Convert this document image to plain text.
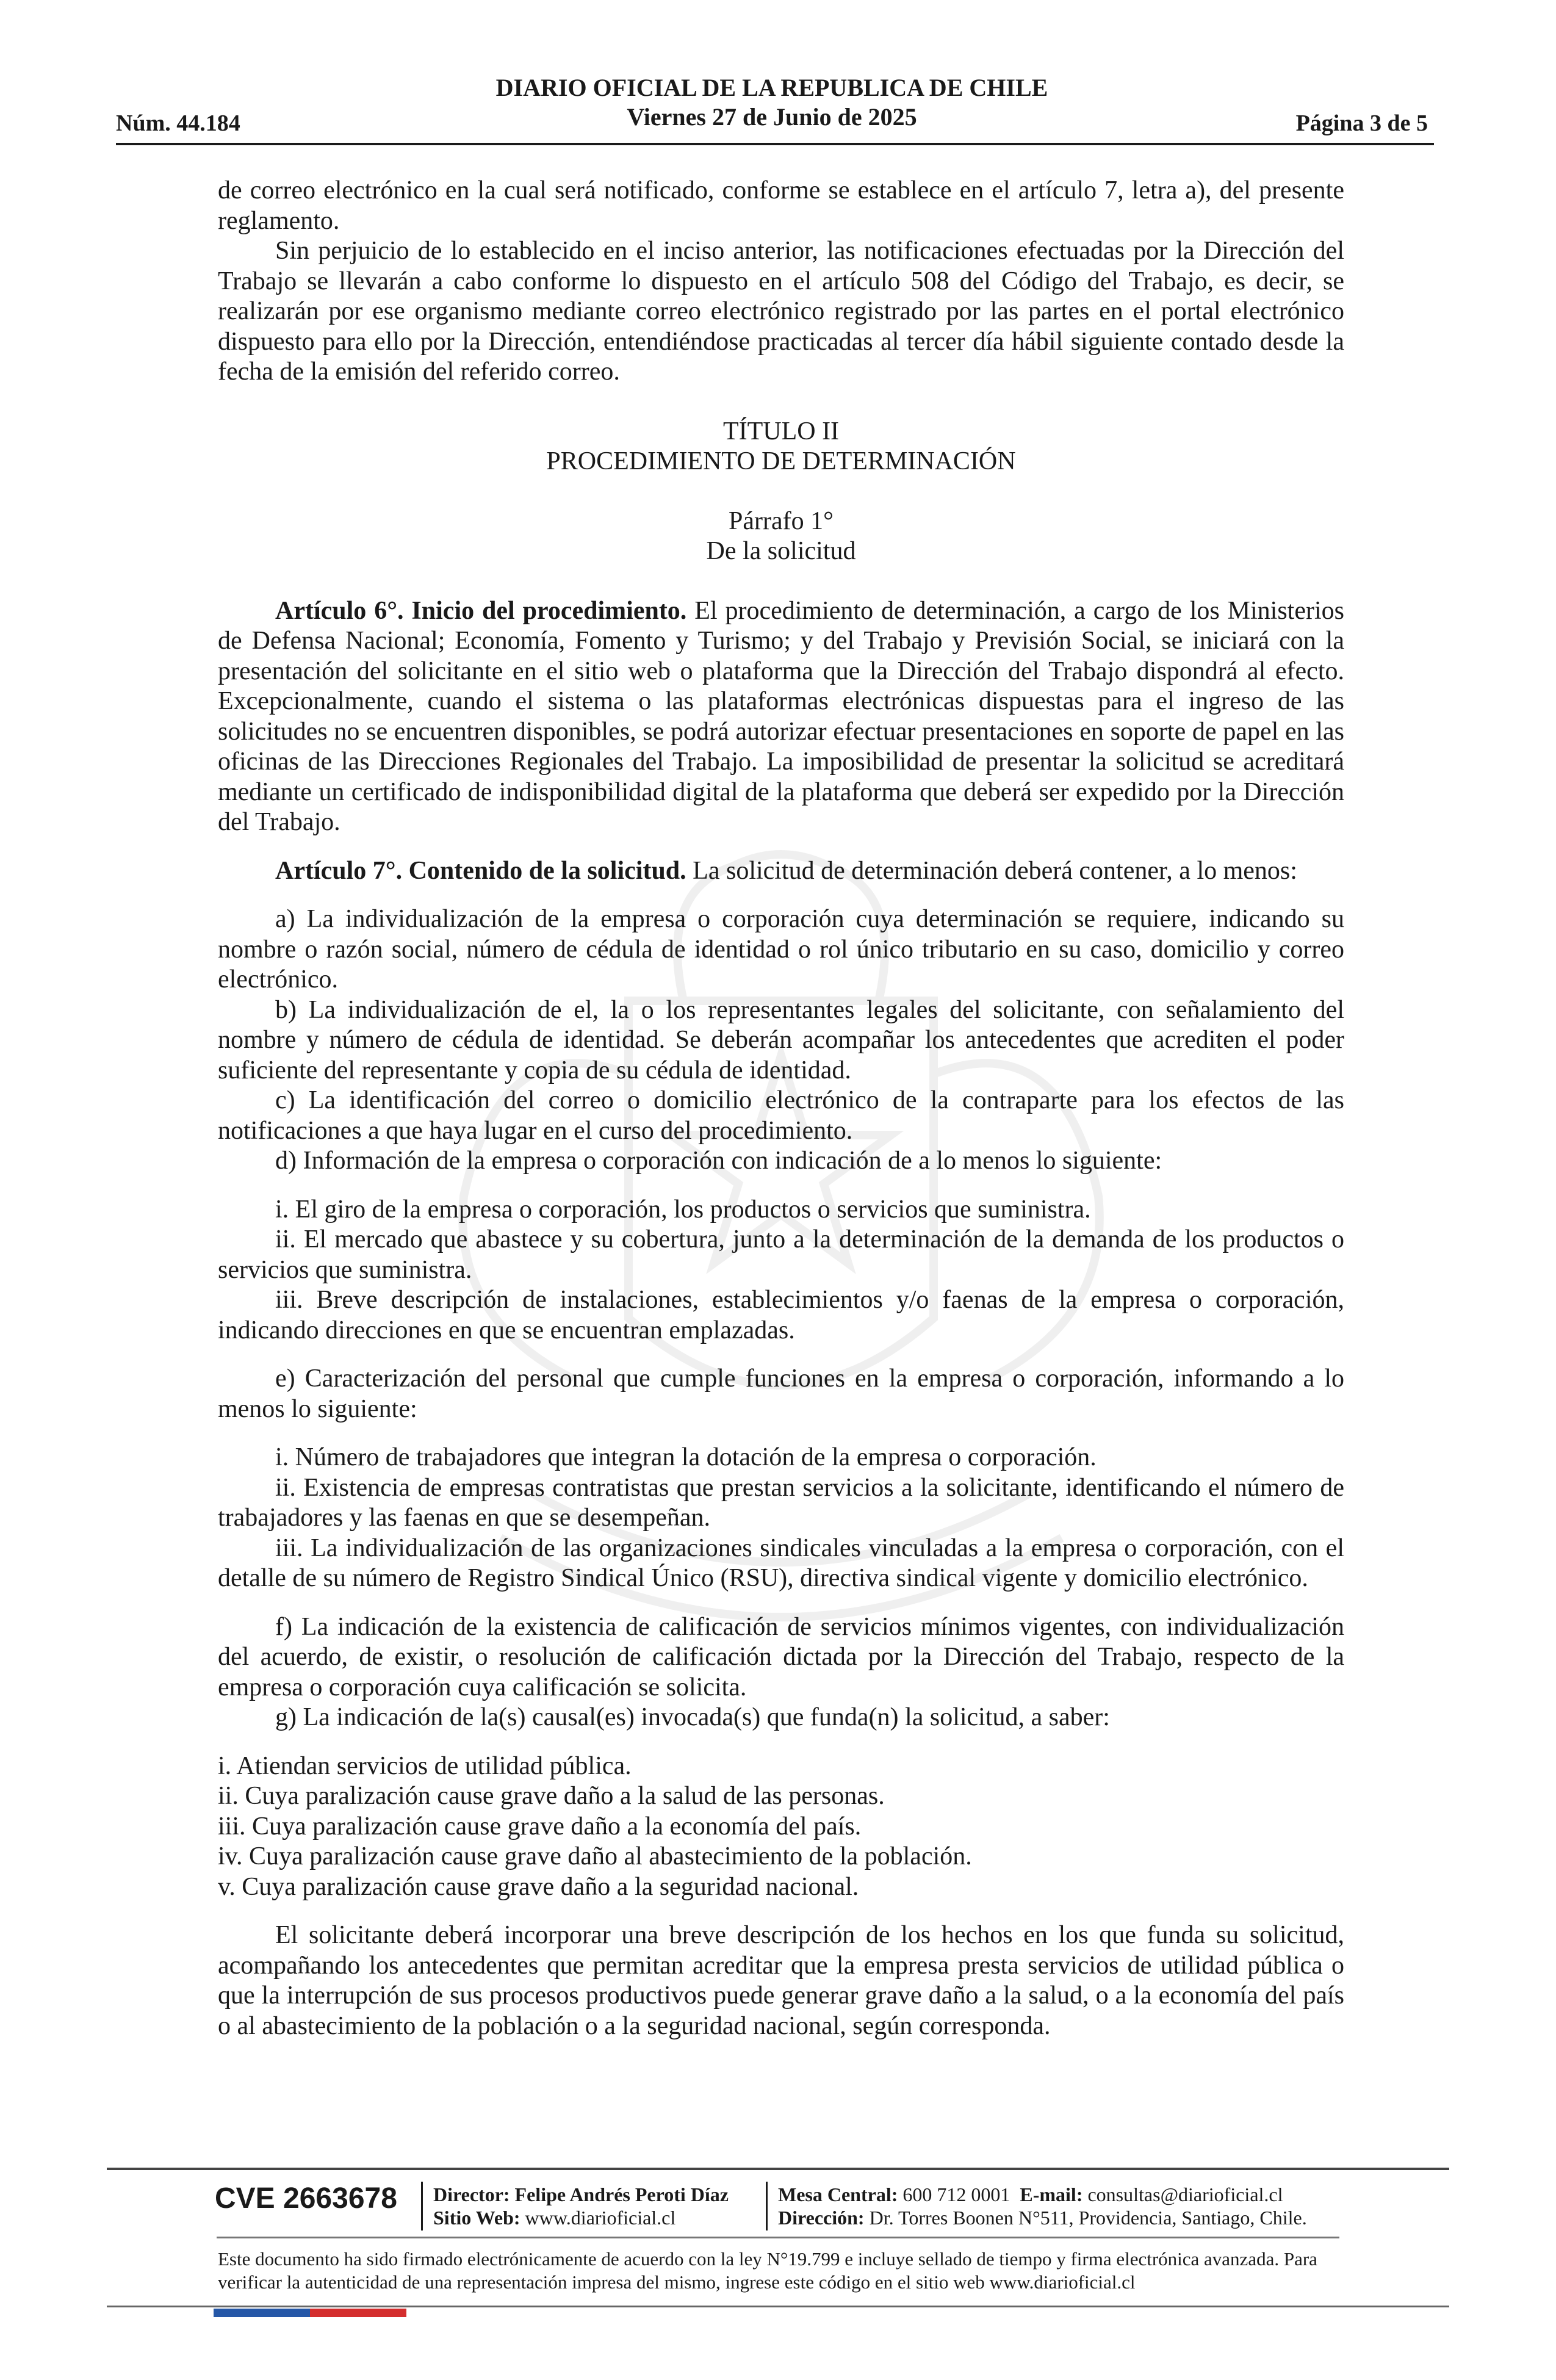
Núm. 44.184
DIARIO OFICIAL DE LA REPUBLICA DE CHILE
Viernes 27 de Junio de 2025	Página 3 de 5

de correo electrónico en la cual será notificado, conforme se establece en el artículo 7, letra a), del presente reglamento.

Sin perjuicio de lo establecido en el inciso anterior, las notificaciones efectuadas por la Dirección del Trabajo se llevarán a cabo conforme lo dispuesto en el artículo 508 del Código del Trabajo, es decir, se realizarán por ese organismo mediante correo electrónico registrado por las partes en el portal electrónico dispuesto para ello por la Dirección, entendiéndose practicadas al tercer día hábil siguiente contado desde la fecha de la emisión del referido correo.

TÍTULO II

PROCEDIMIENTO DE DETERMINACIÓN

Párrafo 1°

De la solicitud

Artículo 6°. Inicio del procedimiento. El procedimiento de determinación, a cargo de los Ministerios de Defensa Nacional; Economía, Fomento y Turismo; y del Trabajo y Previsión Social, se iniciará con la presentación del solicitante en el sitio web o plataforma que la Dirección del Trabajo dispondrá al efecto. Excepcionalmente, cuando el sistema o las plataformas electrónicas dispuestas para el ingreso de las solicitudes no se encuentren disponibles, se podrá autorizar efectuar presentaciones en soporte de papel en las oficinas de las Direcciones Regionales del Trabajo. La imposibilidad de presentar la solicitud se acreditará mediante un certificado de indisponibilidad digital de la plataforma que deberá ser expedido por la Dirección del Trabajo.

Artículo 7°. Contenido de la solicitud. La solicitud de determinación deberá contener, a lo menos:

a) La individualización de la empresa o corporación cuya determinación se requiere, indicando su nombre o razón social, número de cédula de identidad o rol único tributario en su caso, domicilio y correo electrónico.

b) La individualización de el, la o los representantes legales del solicitante, con señalamiento del nombre y número de cédula de identidad. Se deberán acompañar los antecedentes que acrediten el poder suficiente del representante y copia de su cédula de identidad.

c) La identificación del correo o domicilio electrónico de la contraparte para los efectos de las notificaciones a que haya lugar en el curso del procedimiento.

d) Información de la empresa o corporación con indicación de a lo menos lo siguiente:

i. El giro de la empresa o corporación, los productos o servicios que suministra.

ii. El mercado que abastece y su cobertura, junto a la determinación de la demanda de los productos o servicios que suministra.

iii. Breve descripción de instalaciones, establecimientos y/o faenas de la empresa o corporación, indicando direcciones en que se encuentran emplazadas.

e) Caracterización del personal que cumple funciones en la empresa o corporación, informando a lo menos lo siguiente:

i. Número de trabajadores que integran la dotación de la empresa o corporación.

ii. Existencia de empresas contratistas que prestan servicios a la solicitante, identificando el número de trabajadores y las faenas en que se desempeñan.

iii. La individualización de las organizaciones sindicales vinculadas a la empresa o corporación, con el detalle de su número de Registro Sindical Único (RSU), directiva sindical vigente y domicilio electrónico.

f) La indicación de la existencia de calificación de servicios mínimos vigentes, con individualización del acuerdo, de existir, o resolución de calificación dictada por la Dirección del Trabajo, respecto de la empresa o corporación cuya calificación se solicita.

g) La indicación de la(s) causal(es) invocada(s) que funda(n) la solicitud, a saber:

i. Atiendan servicios de utilidad pública.

ii. Cuya paralización cause grave daño a la salud de las personas.

iii. Cuya paralización cause grave daño a la economía del país.

iv. Cuya paralización cause grave daño al abastecimiento de la población.

v. Cuya paralización cause grave daño a la seguridad nacional.

El solicitante deberá incorporar una breve descripción de los hechos en los que funda su solicitud, acompañando los antecedentes que permitan acreditar que la empresa presta servicios de utilidad pública o que la interrupción de sus procesos productivos puede generar grave daño a la salud, o a la economía del país o al abastecimiento de la población o a la seguridad nacional, según corresponda.

CVE 2663678 Director: Felipe Andrés Peroti Díaz
Sitio Web: www.diarioficial.cl
Mesa Central: 600 712 0001 E-mail: consultas@diarioficial.cl
Dirección: Dr. Torres Boonen N°511, Providencia, Santiago, Chile.
Este documento ha sido firmado electrónicamente de acuerdo con la ley N°19.799 e incluye sellado de tiempo y firma electrónica avanzada. Para verificar la autenticidad de una representación impresa del mismo, ingrese este código en el sitio web www.diarioficial.cl
